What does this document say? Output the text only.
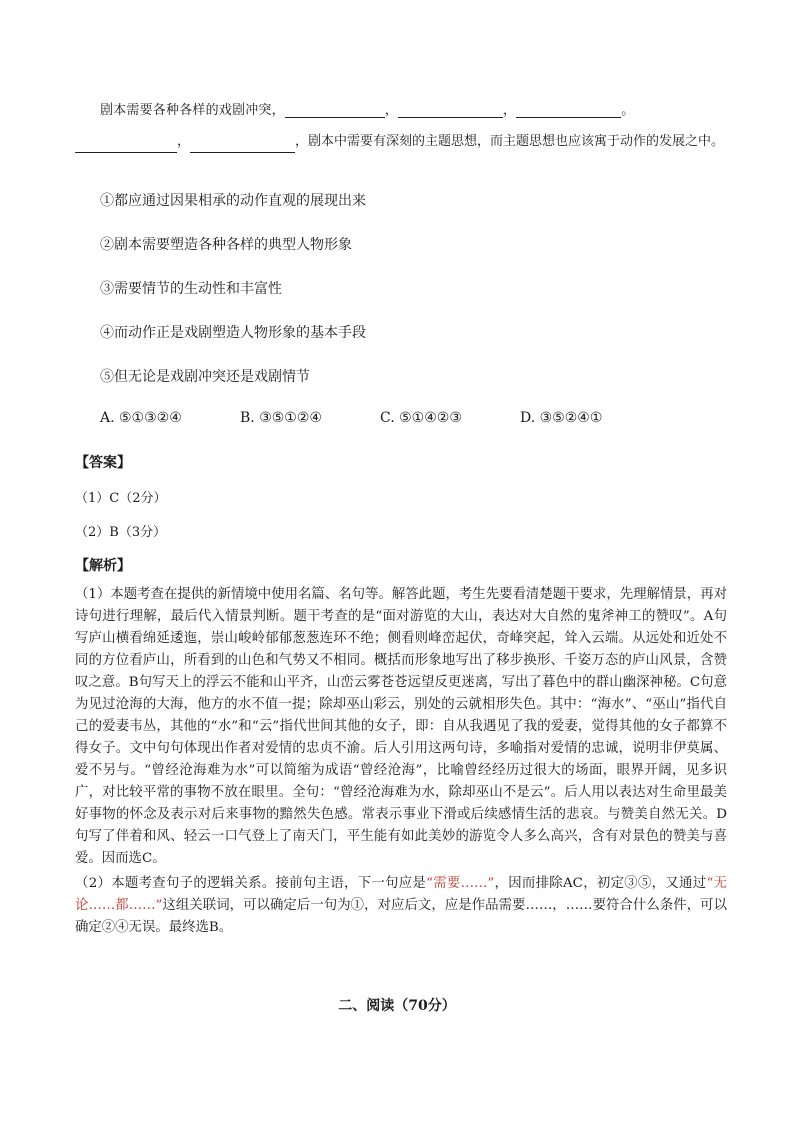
剧本需要各种各样的戏剧冲突，	，	，	。
，	，剧本中需要有深刻的主题思想，而主题思想也应该寓于动作的发展之中。
①都应通过因果相承的动作直观的展现出来
②剧本需要塑造各种各样的典型人物形象
③需要情节的生动性和丰富性
④而动作正是戏剧塑造人物形象的基本手段
⑤但无论是戏剧冲突还是戏剧情节
A. ⑤①③②④	B. ③⑤①②④	C. ⑤①④②③	D. ③⑤②④①
【答案】
（1）C（2分）
（2）B（3分）
【解析】
（1）本题考查在提供的新情境中使用名篇、名句等。解答此题，考生先要看清楚题干要求，先理解情景，再对诗句进行理解，最后代入情景判断。题干考查的是“面对游览的大山，表达对大自然的鬼斧神工的赞叹”。A句写庐山横看绵延逶迤，崇山峻岭郁郁葱葱连环不绝；侧看则峰峦起伏，奇峰突起，耸入云端。从远处和近处不同的方位看庐山，所看到的山色和气势又不相同。概括而形象地写出了移步换形、千姿万态的庐山风景，含赞叹之意。B句写天上的浮云不能和山平齐，山峦云雾苍苍远望反更迷离，写出了暮色中的群山幽深神秘。C句意为见过沧海的大海，他方的水不值一提；除却巫山彩云，别处的云就相形失色。其中：“海水”、“巫山”指代自己的爱妻韦丛，其他的“水”和“云”指代世间其他的女子，即：自从我遇见了我的爱妻，觉得其他的女子都算不得女子。文中句句体现出作者对爱情的忠贞不渝。后人引用这两句诗，多喻指对爱情的忠诚，说明非伊莫属、爱不另与。“曾经沧海难为水”可以简缩为成语“曾经沧海”，比喻曾经经历过很大的场面，眼界开阔，见多识广，对比较平常的事物不放在眼里。全句：“曾经沧海难为水，除却巫山不是云”。后人用以表达对生命里最美好事物的怀念及表示对后来事物的黯然失色感。常表示事业下滑或后续感情生活的悲哀。与赞美自然无关。D句写了伴着和风、轻云一口气登上了南天门，平生能有如此美妙的游览令人多么高兴，含有对景色的赞美与喜爱。因而选C。
（2）本题考查句子的逻辑关系。接前句主语，下一句应是“需要……”，因而排除AC，初定③⑤，又通过“无论……都……”这组关联词，可以确定后一句为①，对应后文，应是作品需要……，……要符合什么条件，可以确定②④无误。最终选B。
二、阅读（70分）
